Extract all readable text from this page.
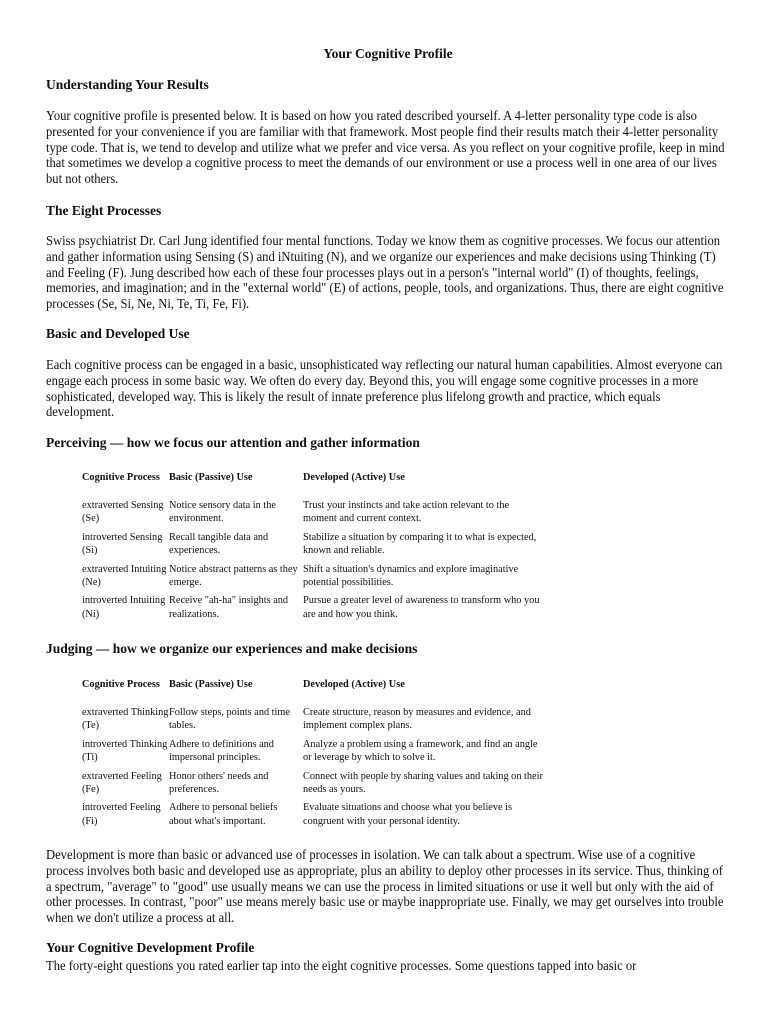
Your Cognitive Profile
Understanding Your Results

Your cognitive profile is presented below. It is based on how you rated described yourself. A 4-letter personality type code is also presented for your convenience if you are familiar with that framework. Most people find their results match their 4-letter personality type code. That is, we tend to develop and utilize what we prefer and vice versa. As you reflect on your cognitive profile, keep in mind that sometimes we develop a cognitive process to meet the demands of our environment or use a process well in one area of our lives but not others.

The Eight Processes

Swiss psychiatrist Dr. Carl Jung identified four mental functions. Today we know them as cognitive processes. We focus our attention and gather information using Sensing (S) and iNtuiting (N), and we organize our experiences and make decisions using Thinking (T) and Feeling (F). Jung described how each of these four processes plays out in a person's "internal world" (I) of thoughts, feelings, memories, and imagination; and in the "external world" (E) of actions, people, tools, and organizations. Thus, there are eight cognitive processes (Se, Si, Ne, Ni, Te, Ti, Fe, Fi).

Basic and Developed Use

Each cognitive process can be engaged in a basic, unsophisticated way reflecting our natural human capabilities. Almost everyone can engage each process in some basic way. We often do every day. Beyond this, you will engage some cognitive processes in a more sophisticated, developed way. This is likely the result of innate preference plus lifelong growth and practice, which equals development.

Perceiving — how we focus our attention and gather information
Cognitive Process	Basic (Passive) Use	Developed (Active) Use
extraverted Sensing (Se)	Notice sensory data in the environment.	Trust your instincts and take action relevant to the moment and current context.
introverted Sensing (Si)	Recall tangible data and experiences.	Stabilize a situation by comparing it to what is expected, known and reliable.
extraverted Intuiting (Ne)	Notice abstract patterns as they emerge.	Shift a situation's dynamics and explore imaginative potential possibilities.
introverted Intuiting (Ni)	Receive "ah-ha" insights and realizations.	Pursue a greater level of awareness to transform who you are and how you think.
Judging — how we organize our experiences and make decisions
Cognitive Process	Basic (Passive) Use	Developed (Active) Use
extraverted Thinking (Te)	Follow steps, points and time tables.	Create structure, reason by measures and evidence, and implement complex plans.
introverted Thinking (Ti)	Adhere to definitions and impersonal principles.	Analyze a problem using a framework, and find an angle or leverage by which to solve it.
extraverted Feeling (Fe)	Honor others' needs and preferences.	Connect with people by sharing values and taking on their needs as yours.
introverted Feeling (Fi)	Adhere to personal beliefs about what's important.	Evaluate situations and choose what you believe is congruent with your personal identity.

Development is more than basic or advanced use of processes in isolation. We can talk about a spectrum. Wise use of a cognitive process involves both basic and developed use as appropriate, plus an ability to deploy other processes in its service. Thus, thinking of a spectrum, "average" to "good" use usually means we can use the process in limited situations or use it well but only with the aid of other processes. In contrast, "poor" use means merely basic use or maybe inappropriate use. Finally, we may get ourselves into trouble when we don't utilize a process at all.

Your Cognitive Development Profile

The forty-eight questions you rated earlier tap into the eight cognitive processes. Some questions tapped into basic or
